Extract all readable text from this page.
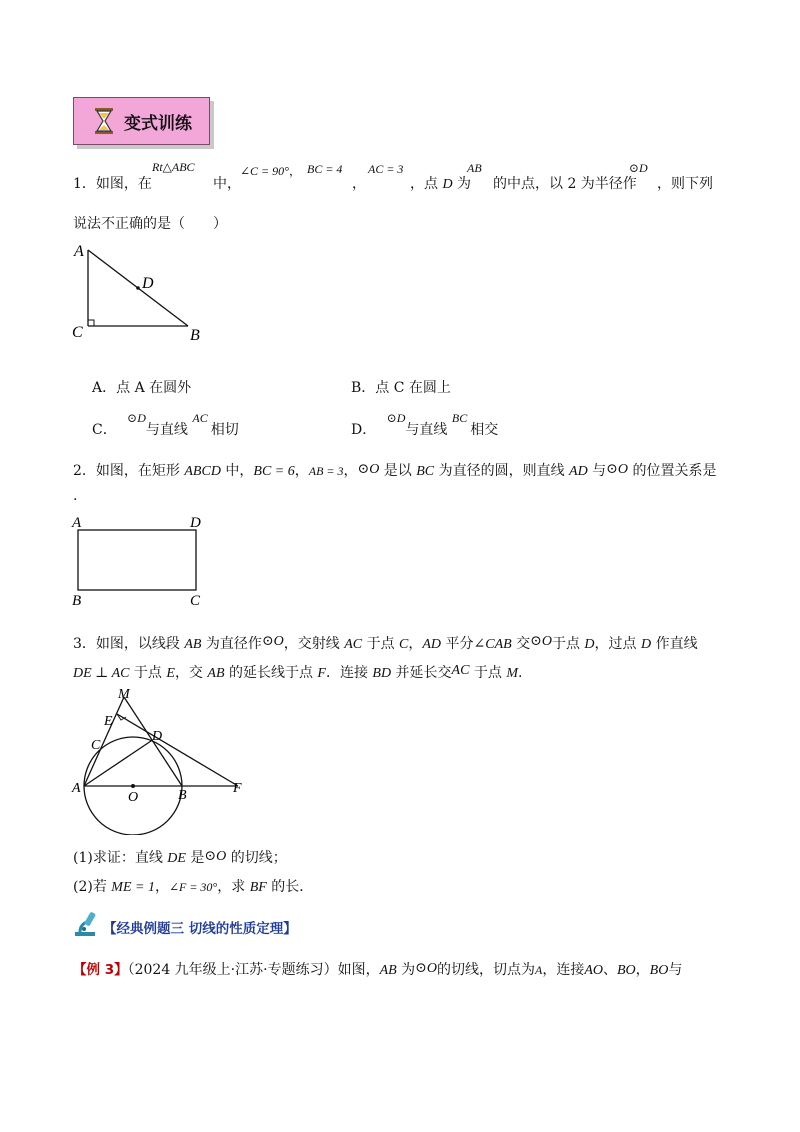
变式训练
1．如图，在
Rt△ABC
中，
∠C = 90°， BC = 4
，
AC = 3
，点 D 为
AB
的中点，以 2 为半径作
⊙D
，则下列
说法不正确的是（　　）
A
C	B
D
A．点 A 在圆外	B．点 C 在圆上
C． ⊙D与直线 AC相切	D． ⊙D与直线 BC相交
2．如图，在矩形 ABCD 中，BC = 6，AB = 3，⊙O 是以 BC 为直径的圆，则直线 AD 与⊙O 的位置关系是
.
A	D
B	C
3．如图，以线段 AB 为直径作⊙O，交射线 AC 于点 C，AD 平分∠CAB 交⊙O于点 D，过点 D 作直线
DE ⊥ AC 于点 E，交 AB 的延长线于点 F．连接 BD 并延长交AC 于点 M.
M
E
C
D
A
O	B	F
(1)求证：直线 DE 是⊙O 的切线；
(2)若 ME = 1，∠F = 30°，求 BF 的长．
【经典例题三 切线的性质定理】
【例 3】（2024 九年级上·江苏·专题练习）如图，AB 为⊙O的切线，切点为A，连接AO、BO，BO与
